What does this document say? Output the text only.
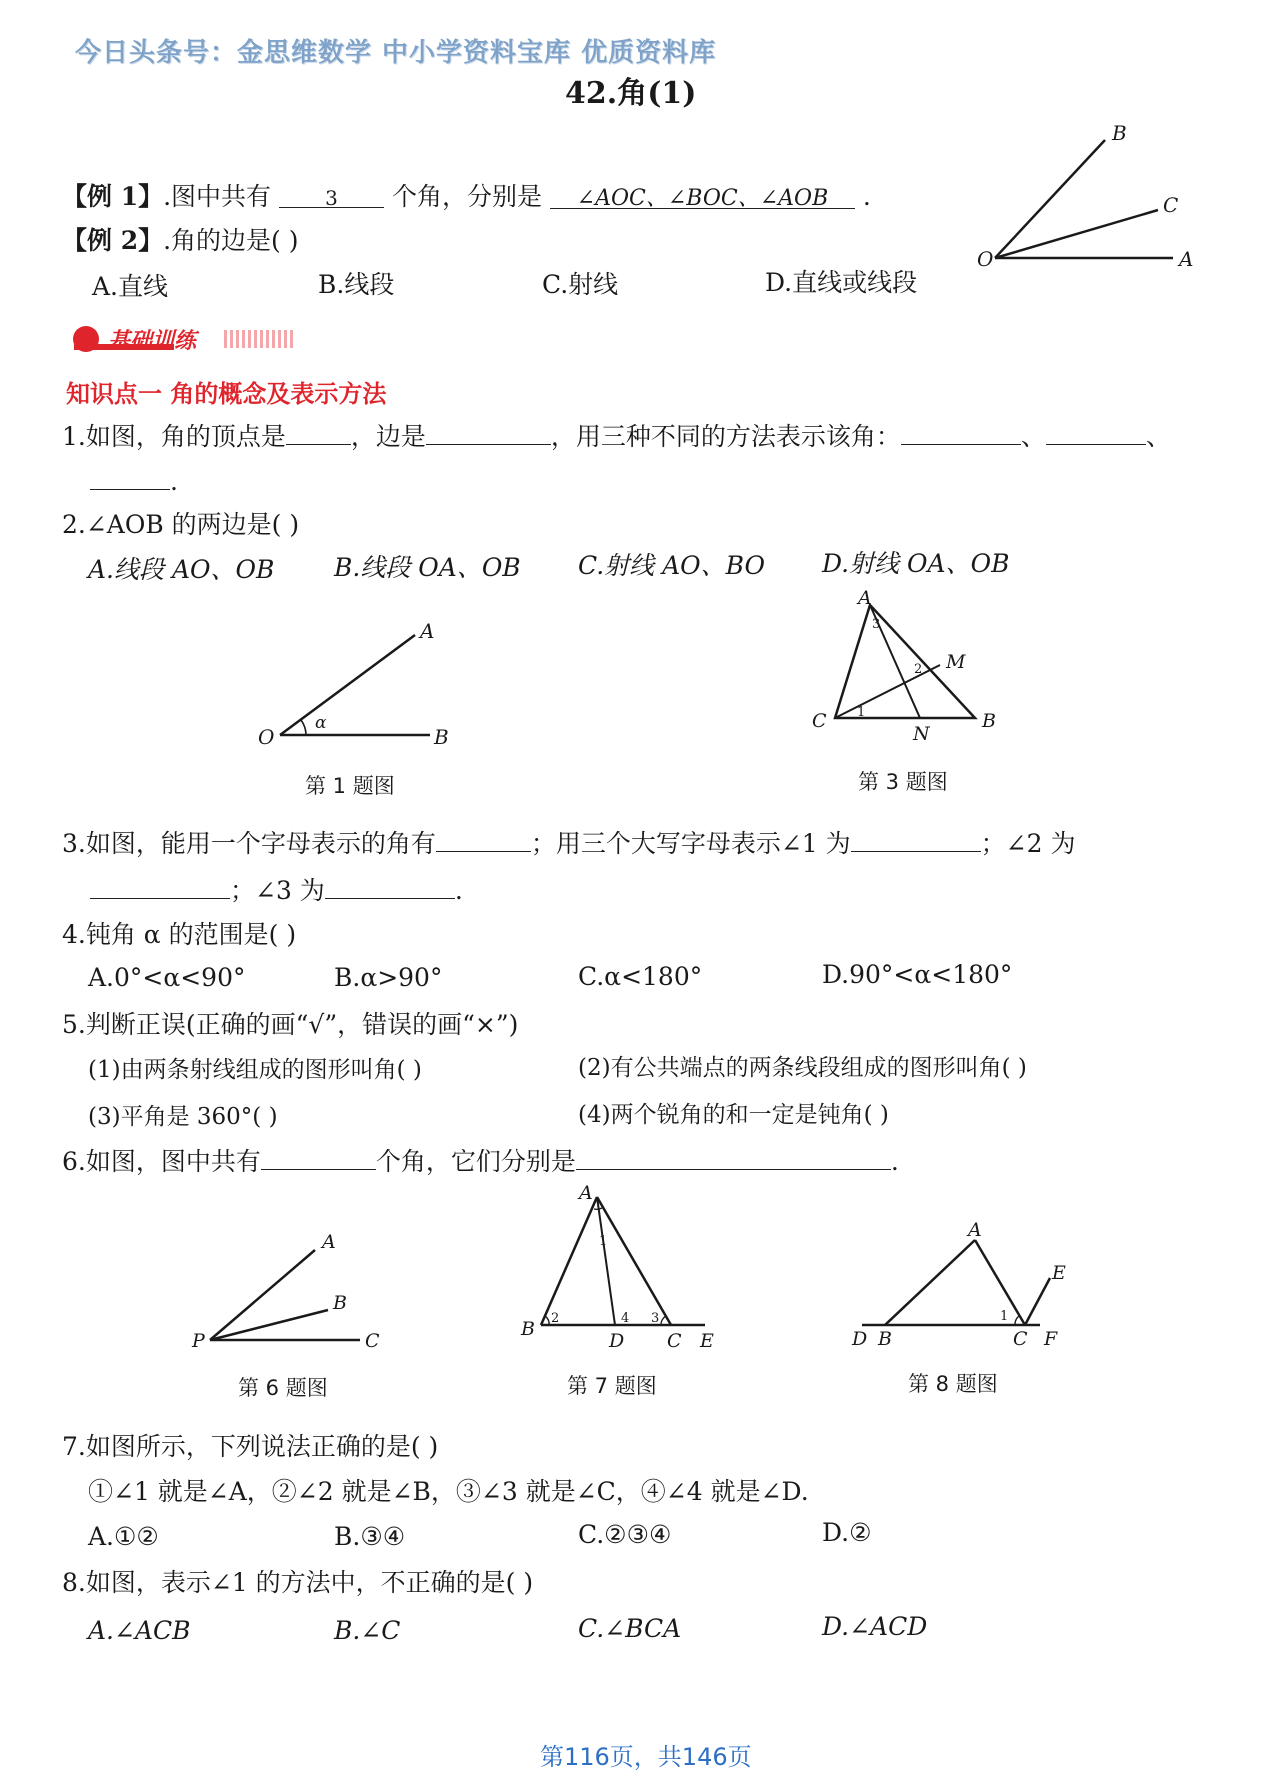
今日头条号：金思维数学 中小学资料宝库 优质资料库
42.角(1)
B
C
O	A
【例 1】.图中共有	3 个角，分别是 ∠AOC、∠BOC、∠AOB .
【例 2】.角的边是( )
A.直线	B.线段	C.射线	D.直线或线段
基础训练
知识点一 角的概念及表示方法
1.如图，角的顶点是	，边是	，用三种不同的方法表示该角：	、	、
.
2.∠AOB 的两边是( )
A.线段 AO、OB B.线段 OA、OB C.射线 AO、BO D.射线 OA、OB
A
O	B
α
第 1 题图
A
M
C
N
B
1
2
3
第 3 题图
3.如图，能用一个字母表示的角有	；用三个大写字母表示∠1 为	；∠2 为
；∠3 为	.
4.钝角 α 的范围是( )
A.0°<α<90°	B.α>90°	C.α<180°	D.90°<α<180°
5.判断正误(正确的画“√”，错误的画“×”)
(1)由两条射线组成的图形叫角( )	(2)有公共端点的两条线段组成的图形叫角( )
(3)平角是 360°( )	(4)两个锐角的和一定是钝角( )
6.如图，图中共有	个角，它们分别是	.
A
B
P	C
第 6 题图
A
B
D C E
1
2	3
4
第 7 题图
A
E
D B	C F
1
第 8 题图
7.如图所示，下列说法正确的是( )
①∠1 就是∠A，②∠2 就是∠B，③∠3 就是∠C，④∠4 就是∠D.
A.①②	B.③④	C.②③④	D.②
8.如图，表示∠1 的方法中，不正确的是( )
A.∠ACB	B.∠C	C.∠BCA	D.∠ACD
第116页，共146页
